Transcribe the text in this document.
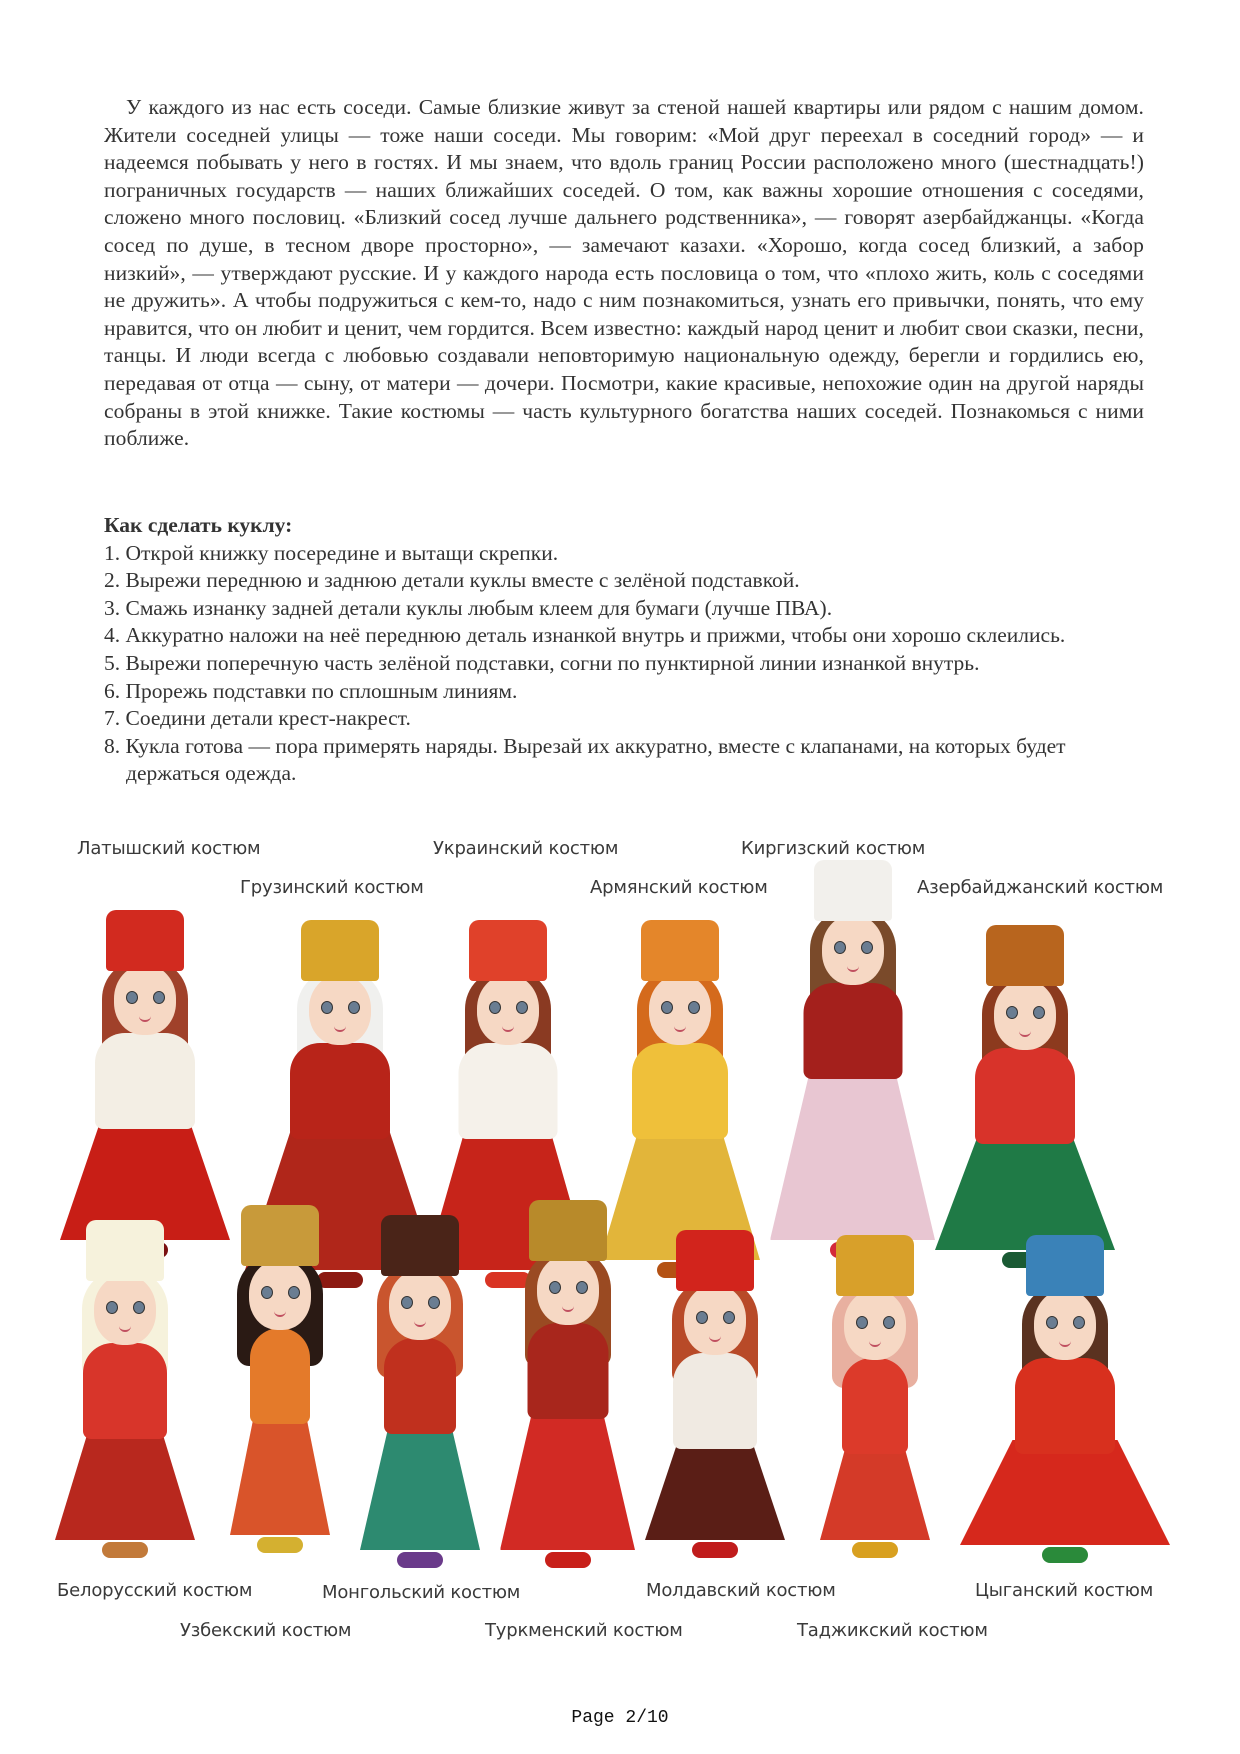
У каждого из нас есть соседи. Самые близкие живут за стеной нашей квартиры или рядом с нашим домом. Жители соседней улицы — тоже наши соседи. Мы говорим: «Мой друг переехал в соседний город» — и надеемся побывать у него в гостях. И мы знаем, что вдоль границ России расположено много (шестнадцать!) пограничных государств — наших ближайших соседей. О том, как важны хорошие отношения с соседями, сложено много пословиц. «Близкий сосед лучше дальнего родственника», — говорят азербайджанцы. «Когда сосед по душе, в тесном дворе просторно», — замечают казахи. «Хорошо, когда сосед близкий, а забор низкий», — утверждают русские. И у каждого народа есть пословица о том, что «плохо жить, коль с соседями не дружить». А чтобы подружиться с кем-то, надо с ним познакомиться, узнать его привычки, понять, что ему нравится, что он любит и ценит, чем гордится. Всем известно: каждый народ ценит и любит свои сказки, песни, танцы. И люди всегда с любовью создавали неповторимую национальную одежду, берегли и гордились ею, передавая от отца — сыну, от матери — дочери. Посмотри, какие красивые, непохожие один на другой наряды собраны в этой книжке. Такие костюмы — часть культурного богатства наших соседей. Познакомься с ними поближе.
Как сделать куклу:
1. Открой книжку посередине и вытащи скрепки.
2. Вырежи переднюю и заднюю детали куклы вместе с зелёной подставкой.
3. Смажь изнанку задней детали куклы любым клеем для бумаги (лучше ПВА).
4. Аккуратно наложи на неё переднюю деталь изнанкой внутрь и прижми, чтобы они хорошо склеились.
5. Вырежи поперечную часть зелёной подставки, согни по пунктирной линии изнанкой внутрь.
6. Прорежь подставки по сплошным линиям.
7. Соедини детали крест-накрест.
8. Кукла готова — пора примерять наряды. Вырезай их аккуратно, вместе с клапанами, на которых будет держаться одежда.
Латышский костюм
Грузинский костюм
Украинский костюм
Армянский костюм
Киргизский костюм
Азербайджанский костюм
Белорусский костюм
Узбекский костюм
Монгольский костюм
Туркменский костюм
Молдавский костюм
Таджикский костюм
Цыганский костюм
Page 2/10
